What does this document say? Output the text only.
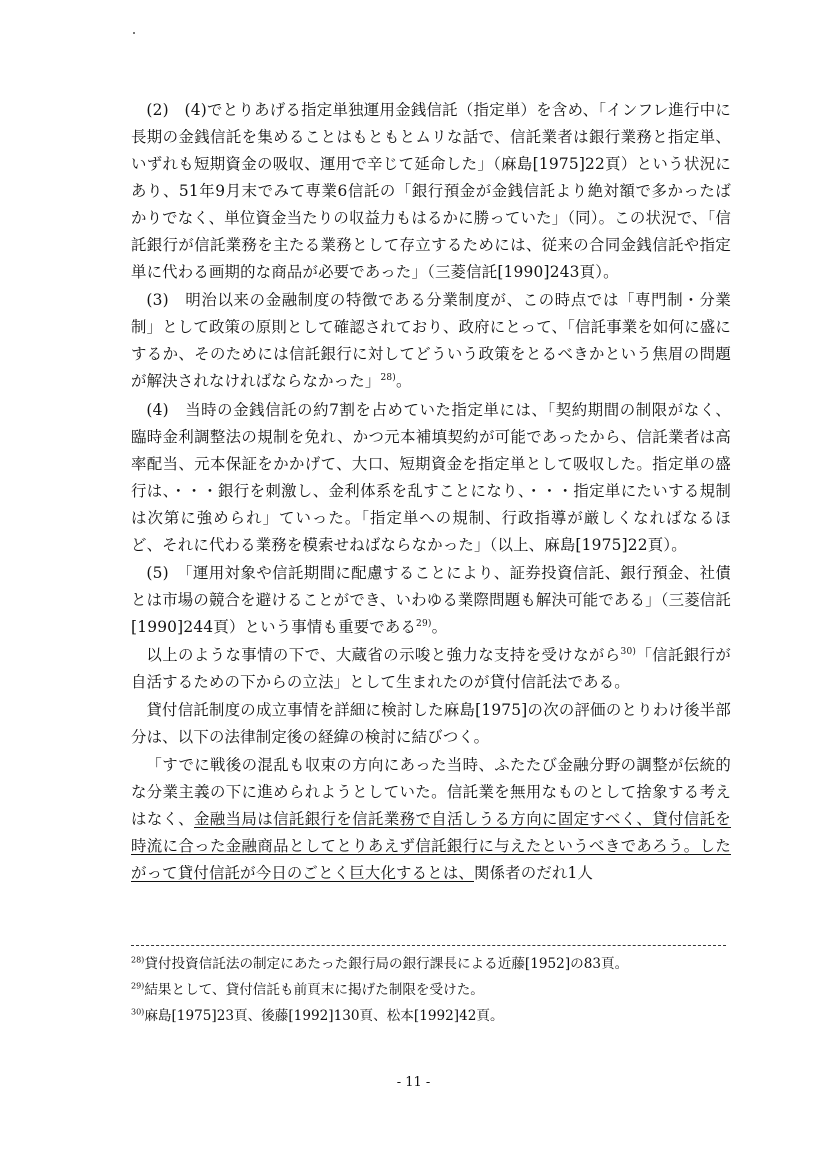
(2)　(4)でとりあげる指定単独運用金銭信託（指定単）を含め、「インフレ進行中に長期の金銭信託を集めることはもともとムリな話で、信託業者は銀行業務と指定単、いずれも短期資金の吸収、運用で辛じて延命した」（麻島[1975]22頁）という状況にあり、51年9月末でみて専業6信託の「銀行預金が金銭信託より絶対額で多かったばかりでなく、単位資金当たりの収益力もはるかに勝っていた」（同）。この状況で、「信託銀行が信託業務を主たる業務として存立するためには、従来の合同金銭信託や指定単に代わる画期的な商品が必要であった」（三菱信託[1990]243頁）。

(3)　明治以来の金融制度の特徴である分業制度が、この時点では「専門制・分業制」として政策の原則として確認されており、政府にとって、「信託事業を如何に盛にするか、そのためには信託銀行に対してどういう政策をとるべきかという焦眉の問題が解決されなければならなかった」$^{28)}$。

(4)　当時の金銭信託の約7割を占めていた指定単には、「契約期間の制限がなく、臨時金利調整法の規制を免れ、かつ元本補填契約が可能であったから、信託業者は高率配当、元本保証をかかげて、大口、短期資金を指定単として吸収した。指定単の盛行は、・・・銀行を刺激し、金利体系を乱すことになり、・・・指定単にたいする規制は次第に強められ」ていった。「指定単への規制、行政指導が厳しくなればなるほど、それに代わる業務を模索せねばならなかった」（以上、麻島[1975]22頁）。

(5)　「運用対象や信託期間に配慮することにより、証券投資信託、銀行預金、社債とは市場の競合を避けることができ、いわゆる業際問題も解決可能である」（三菱信託[1990]244頁）という事情も重要である$^{29)}$。

以上のような事情の下で、大蔵省の示唆と強力な支持を受けながら$^{30)}$「信託銀行が自活するための下からの立法」として生まれたのが貸付信託法である。

貸付信託制度の成立事情を詳細に検討した麻島[1975]の次の評価のとりわけ後半部分は、以下の法律制定後の経緯の検討に結びつく。

「すでに戦後の混乱も収束の方向にあった当時、ふたたび金融分野の調整が伝統的な分業主義の下に進められようとしていた。信託業を無用なものとして捨象する考えはなく、金融当局は信託銀行を信託業務で自活しうる方向に固定すべく、貸付信託を時流に合った金融商品としてとりあえず信託銀行に与えたというべきであろう。したがって貸付信託が今日のごとく巨大化するとは、関係者のだれ1人

$^{28)}$貸付投資信託法の制定にあたった銀行局の銀行課長による近藤[1952]の83頁。

$^{29)}$結果として、貸付信託も前頁末に掲げた制限を受けた。

$^{30)}$麻島[1975]23頁、後藤[1992]130頁、松本[1992]42頁。

- 11 -
